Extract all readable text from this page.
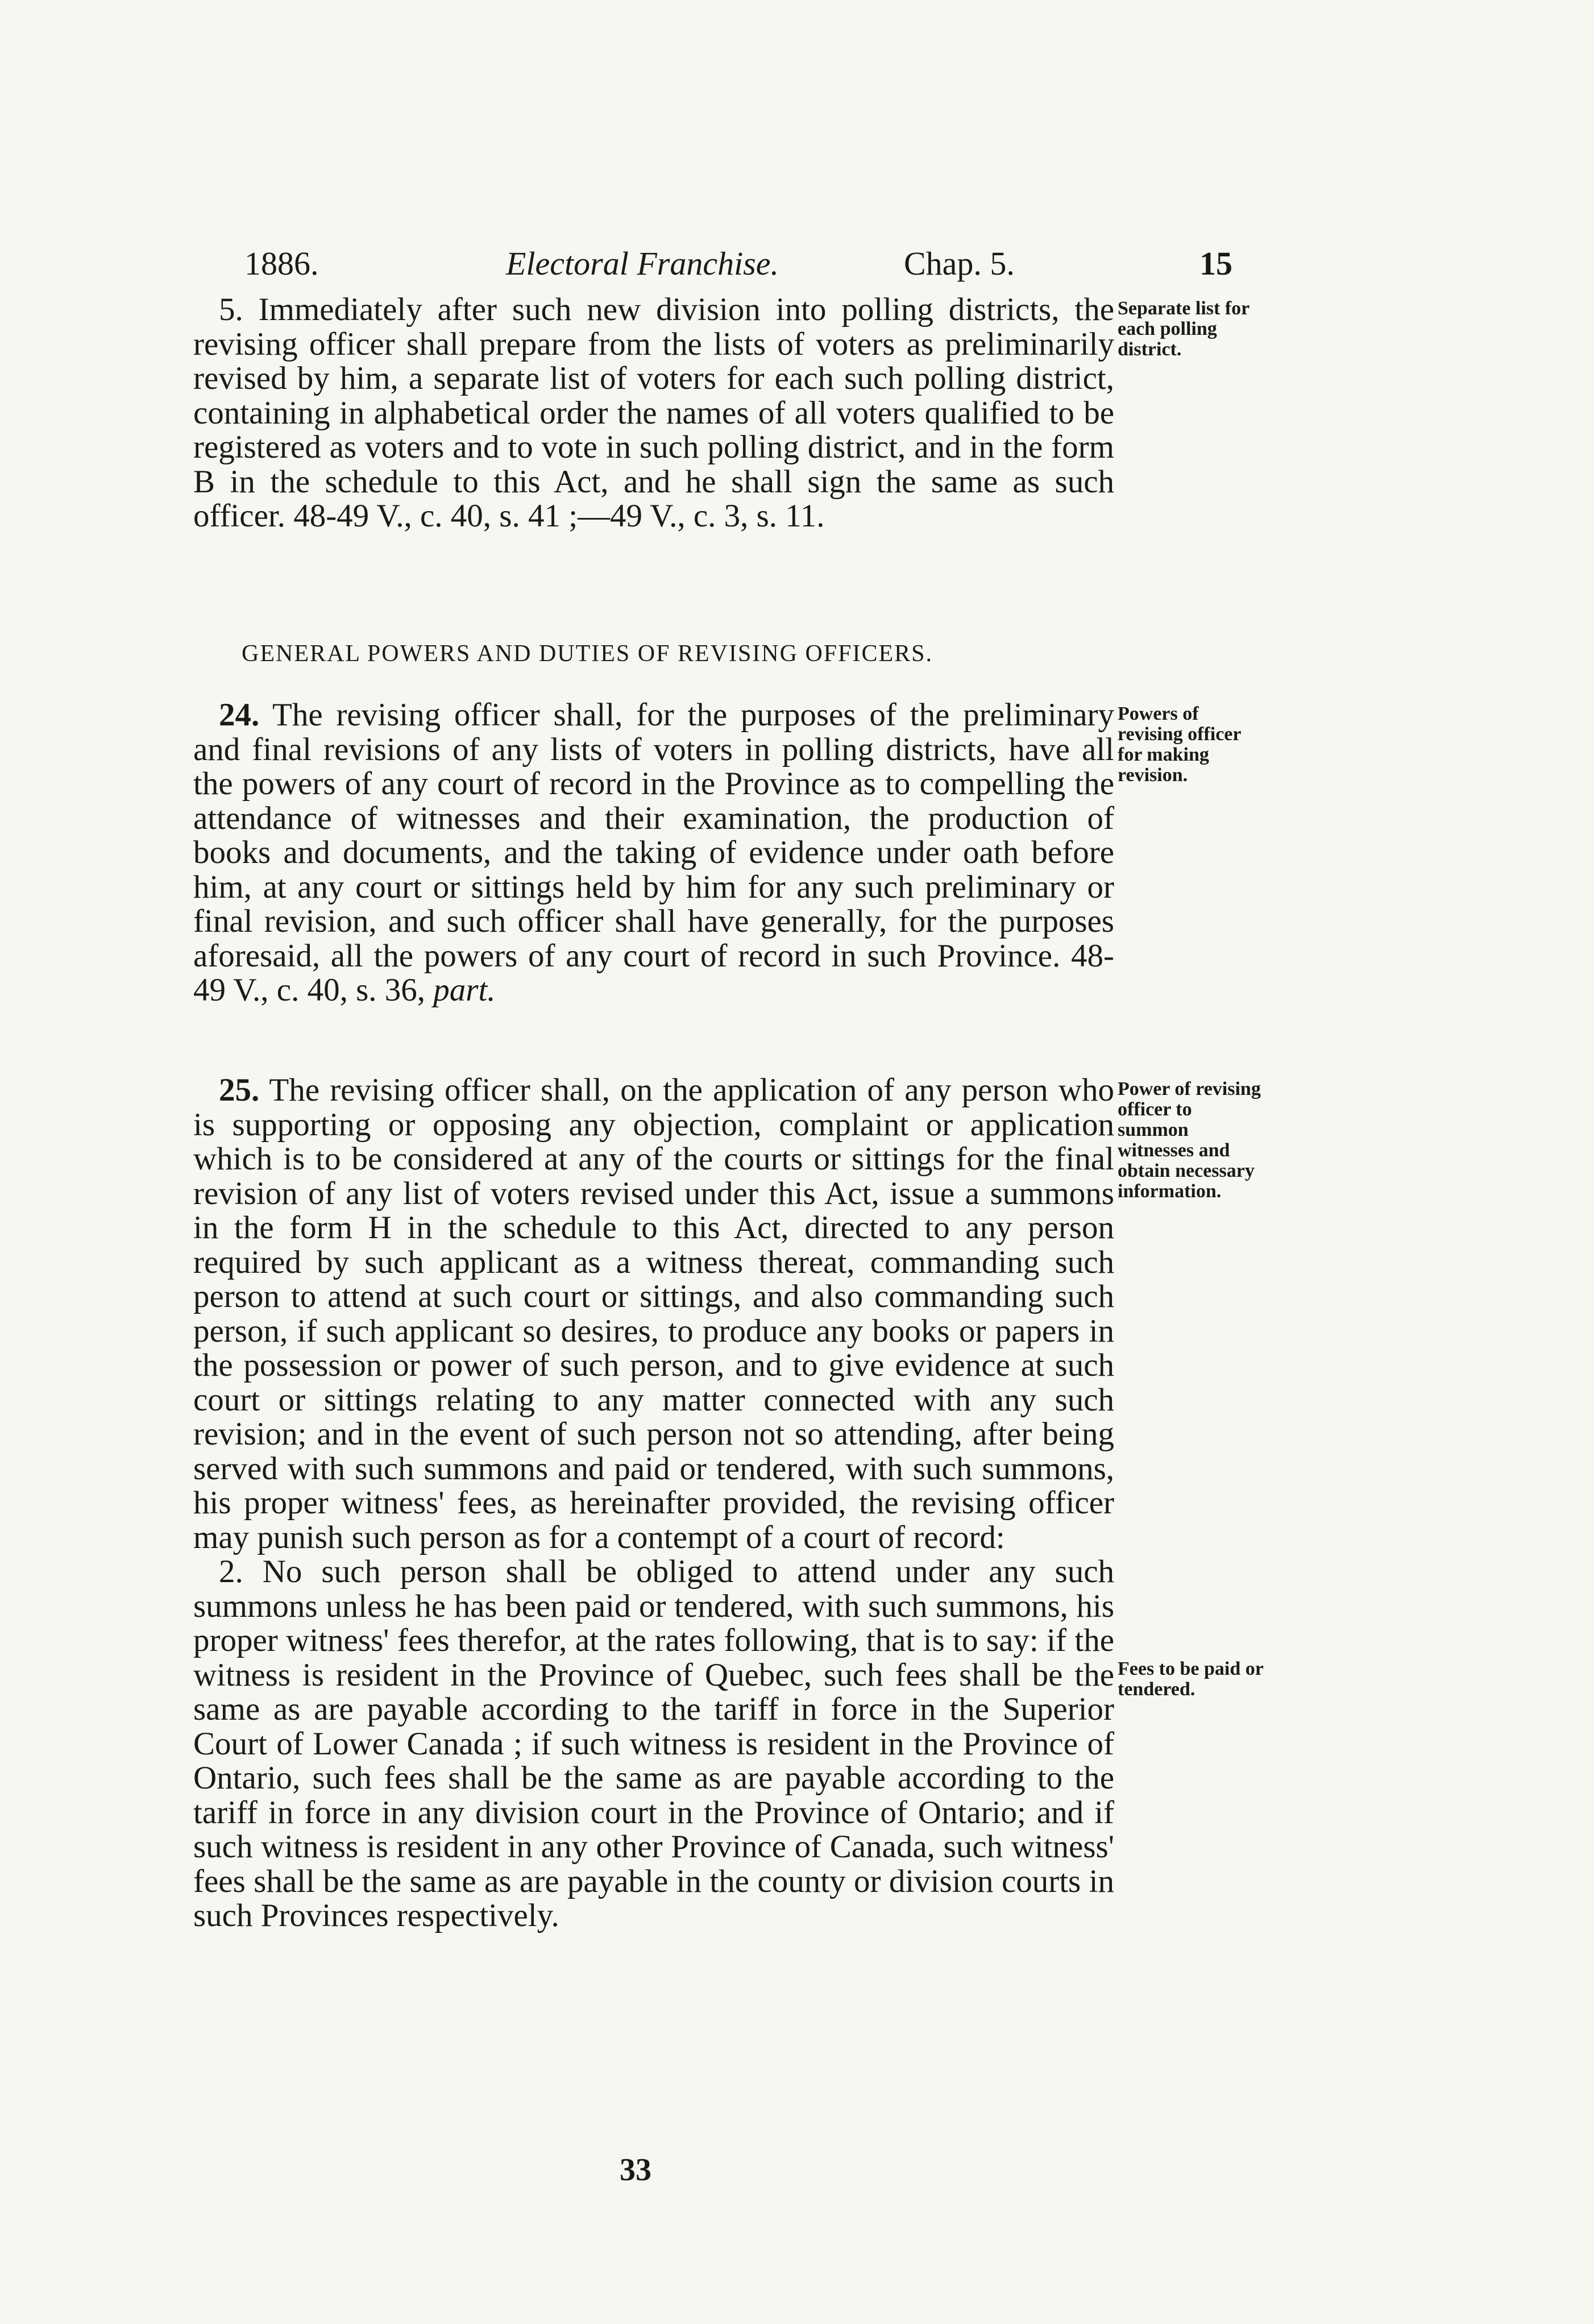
1886.	Electoral Franchise.	Chap. 5.	15

5. Immediately after such new division into polling districts, the revising officer shall prepare from the lists of voters as preliminarily revised by him, a separate list of voters for each such polling district, containing in alphabetical order the names of all voters qualified to be registered as voters and to vote in such polling district, and in the form B in the schedule to this Act, and he shall sign the same as such officer. 48-49 V., c. 40, s. 41 ;—49 V., c. 3, s. 11.

GENERAL POWERS AND DUTIES OF REVISING OFFICERS.

24. The revising officer shall, for the purposes of the preliminary and final revisions of any lists of voters in polling districts, have all the powers of any court of record in the Province as to compelling the attendance of witnesses and their examination, the production of books and documents, and the taking of evidence under oath before him, at any court or sittings held by him for any such preliminary or final revision, and such officer shall have generally, for the purposes aforesaid, all the powers of any court of record in such Province. 48-49 V., c. 40, s. 36, part.

25. The revising officer shall, on the application of any person who is supporting or opposing any objection, complaint or application which is to be considered at any of the courts or sittings for the final revision of any list of voters revised under this Act, issue a summons in the form H in the schedule to this Act, directed to any person required by such applicant as a witness thereat, commanding such person to attend at such court or sittings, and also commanding such person, if such applicant so desires, to produce any books or papers in the possession or power of such person, and to give evidence at such court or sittings relating to any matter connected with any such revision; and in the event of such person not so attending, after being served with such summons and paid or tendered, with such summons, his proper witness' fees, as hereinafter provided, the revising officer may punish such person as for a contempt of a court of record:

2. No such person shall be obliged to attend under any such summons unless he has been paid or tendered, with such summons, his proper witness' fees therefor, at the rates following, that is to say: if the witness is resident in the Province of Quebec, such fees shall be the same as are payable according to the tariff in force in the Superior Court of Lower Canada ; if such witness is resident in the Province of Ontario, such fees shall be the same as are payable according to the tariff in force in any division court in the Province of Ontario; and if such witness is resident in any other Province of Canada, such witness' fees shall be the same as are payable in the county or division courts in such Provinces respectively.

Separate list for each polling district.
Powers of revising officer for making revision.
Power of revising officer to summon witnesses and obtain necessary information.
Fees to be paid or tendered.
33
